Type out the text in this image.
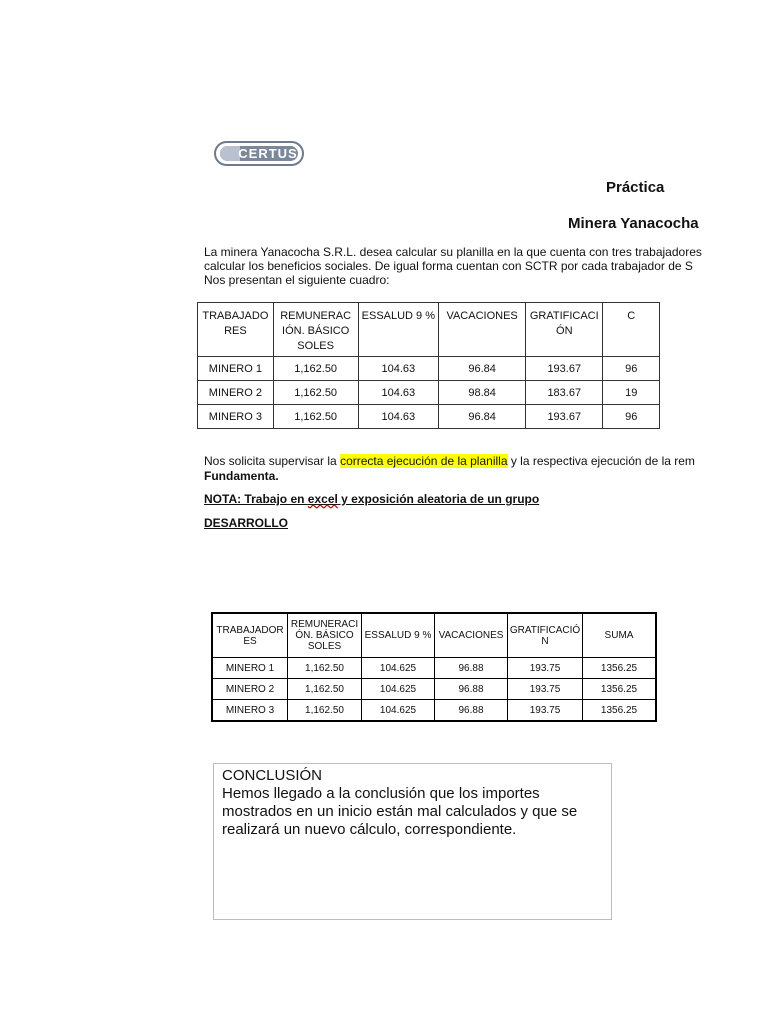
CERTUS
Práctica
Minera Yanacocha
La minera Yanacocha S.R.L. desea calcular su planilla en la que cuenta con tres trabajadores
calcular los beneficios sociales. De igual forma cuentan con SCTR por cada trabajador de S
Nos presentan el siguiente cuadro:
TRABAJADO RES	REMUNERAC IÓN. BÁSICO SOLES	ESSALUD 9 %	VACACIONES	GRATIFICACI ÓN	C
MINERO 1	1,162.50	104.63	96.84	193.67	96
MINERO 2	1,162.50	104.63	98.84	183.67	19
MINERO 3	1,162.50	104.63	96.84	193.67	96
Nos solicita supervisar la correcta ejecución de la planilla y la respectiva ejecución de la rem
Fundamenta.
NOTA: Trabajo en excel y exposición aleatoria de un grupo
DESARROLLO
TRABAJADOR ES	REMUNERACI ÓN. BÁSICO SOLES	ESSALUD 9 %	VACACIONES	GRATIFICACIÓ N	SUMA
MINERO 1	1,162.50	104.625	96.88	193.75	1356.25
MINERO 2	1,162.50	104.625	96.88	193.75	1356.25
MINERO 3	1,162.50	104.625	96.88	193.75	1356.25
CONCLUSIÓN
Hemos llegado a la conclusión que los importes mostrados en un inicio están mal calculados y que se realizará un nuevo cálculo, correspondiente.
